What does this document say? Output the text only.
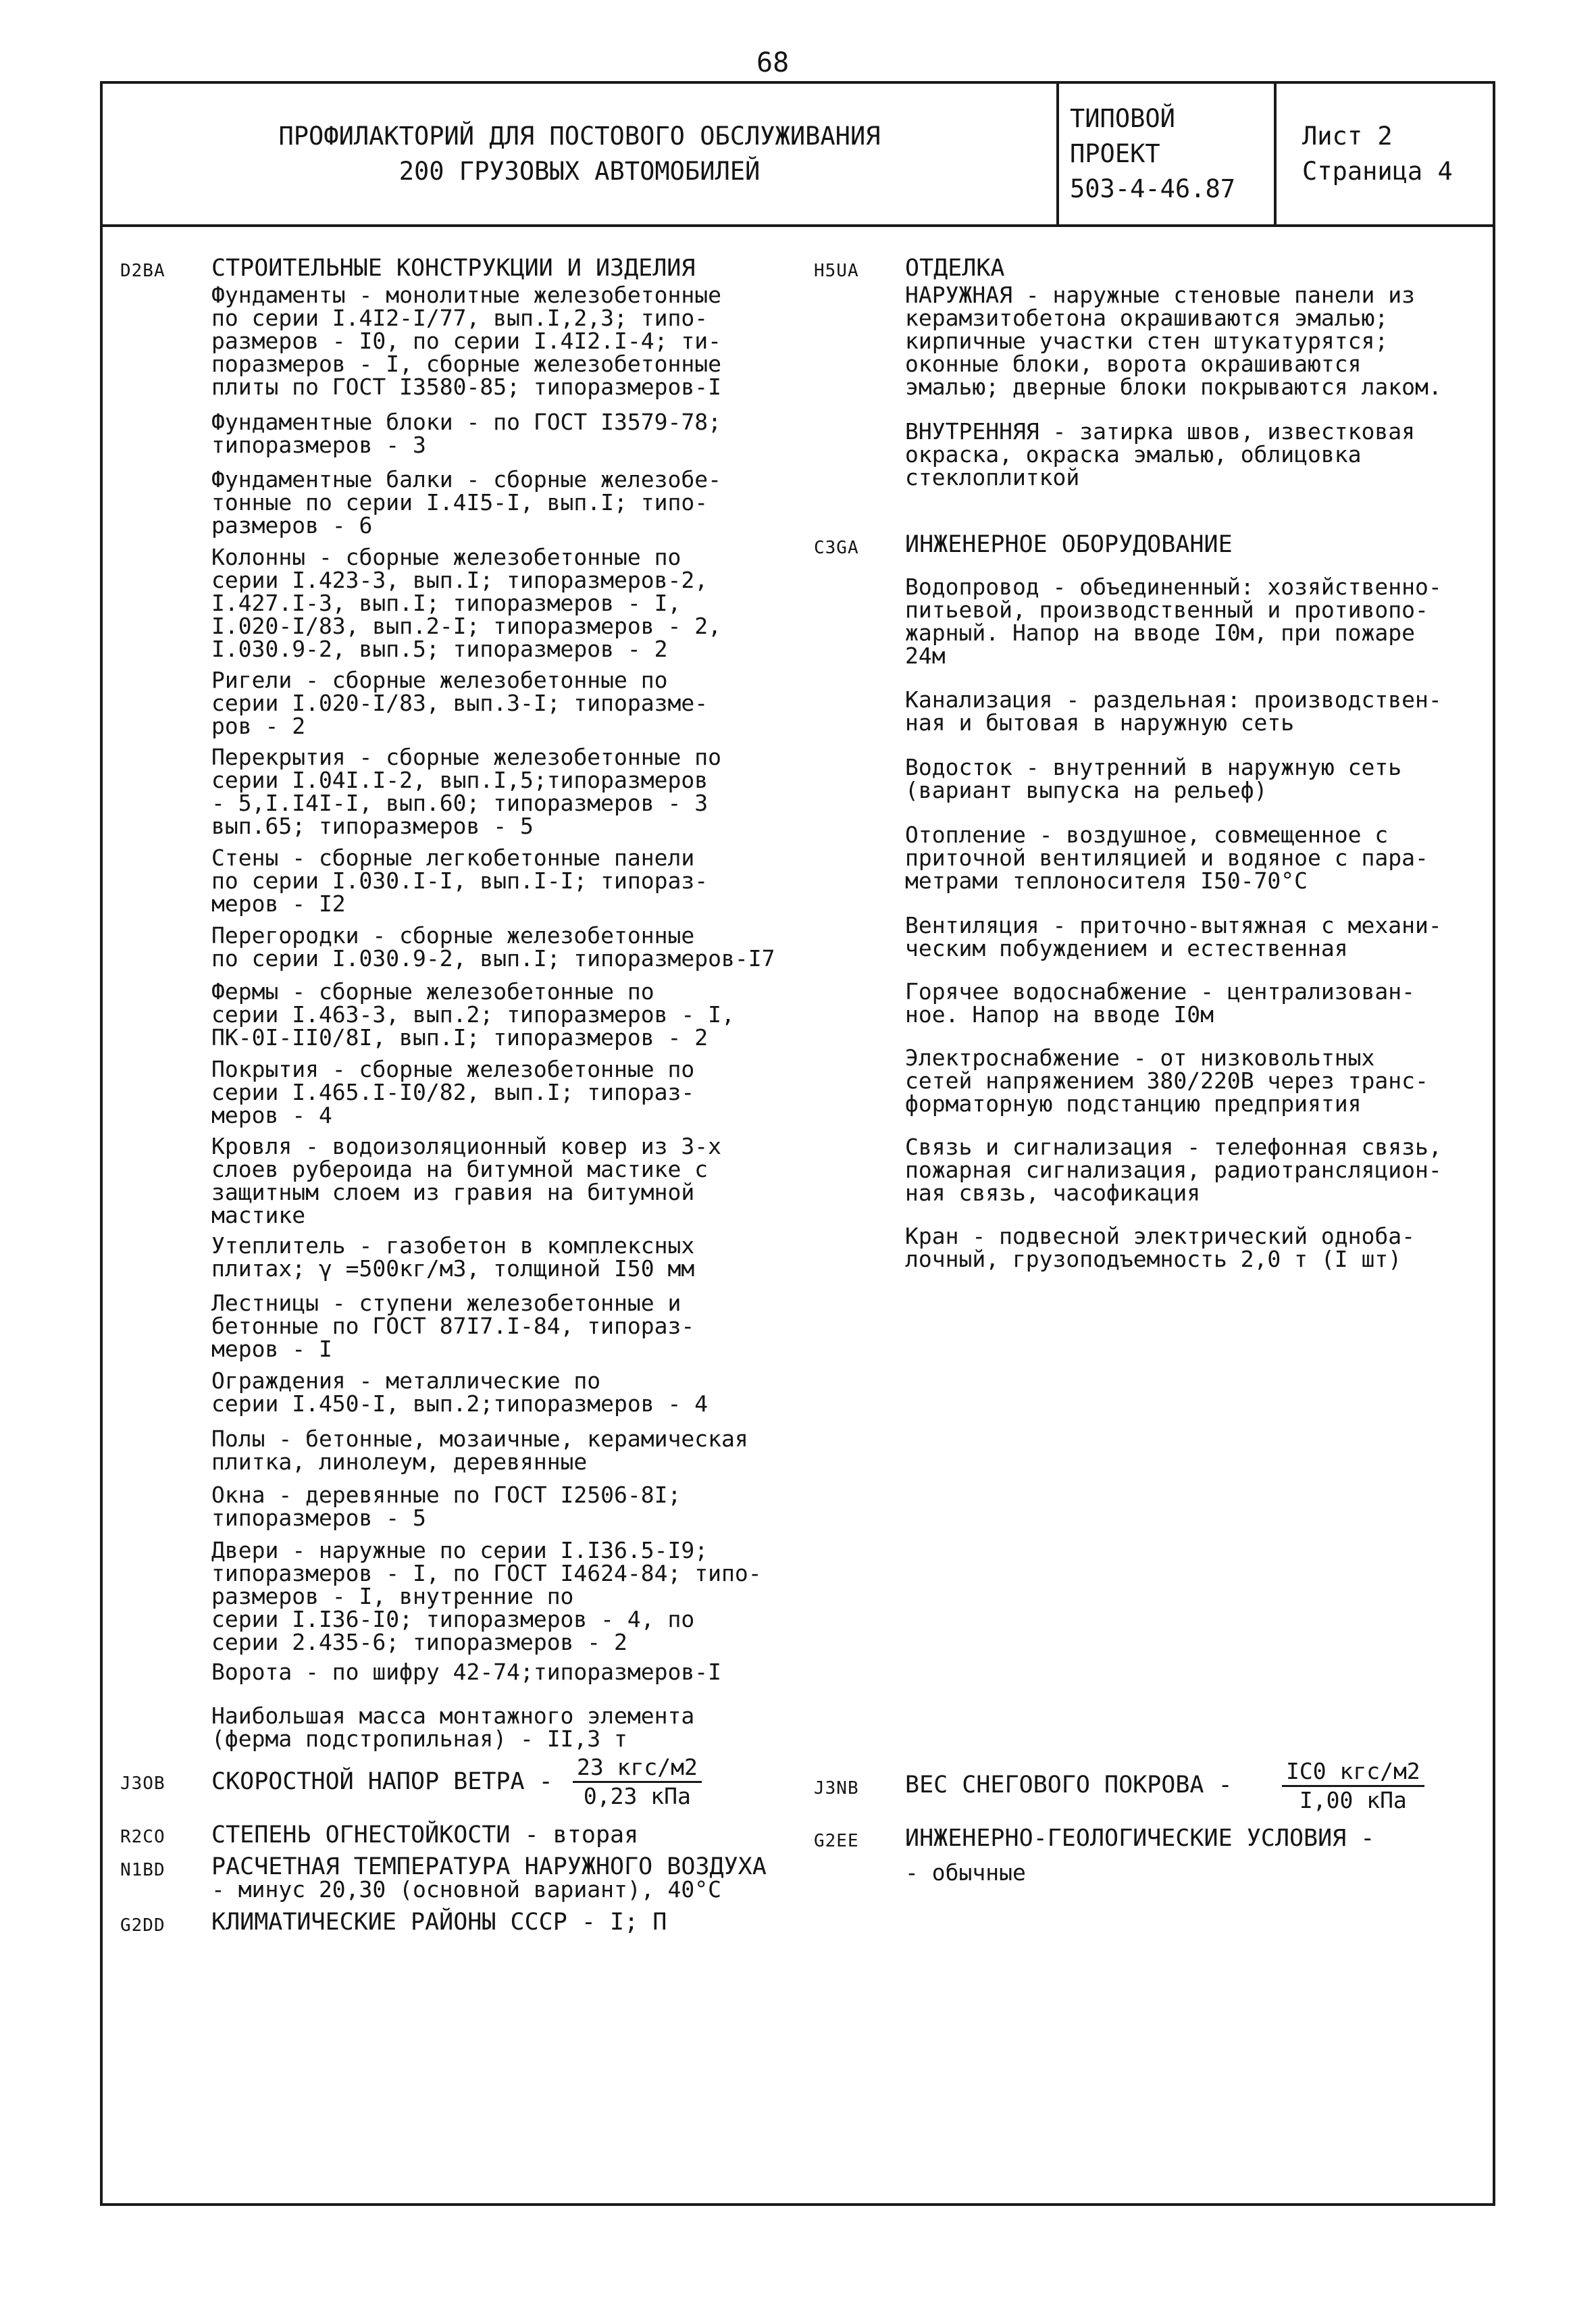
68
ПРОФИЛАКТОРИЙ ДЛЯ ПОСТОВОГО ОБСЛУЖИВАНИЯ
200 ГРУЗОВЫХ АВТОМОБИЛЕЙ
ТИПОВОЙ ПРОЕКТ
503-4-46.87
Лист 2
Страница 4
D2BA СТРОИТЕЛЬНЫЕ КОНСТРУКЦИИ И ИЗДЕЛИЯ
Фундаменты - монолитные железобетонные
по серии I.4I2-I/77, вып.I,2,3; типо-
размеров - I0, по серии I.4I2.I-4; ти-
поразмеров - I, сборные железобетонные
плиты по ГОСТ I3580-85; типоразмеров-I
Фундаментные блоки - по ГОСТ I3579-78;
типоразмеров - 3
Фундаментные балки - сборные железобе-
тонные по серии I.4I5-I, вып.I; типо-
размеров - 6
Колонны - сборные железобетонные по
серии I.423-3, вып.I; типоразмеров-2,
I.427.I-3, вып.I; типоразмеров - I,
I.020-I/83, вып.2-I; типоразмеров - 2,
I.030.9-2, вып.5; типоразмеров - 2
Ригели - сборные железобетонные по
серии I.020-I/83, вып.3-I; типоразме-
ров - 2
Перекрытия - сборные железобетонные по
серии I.04I.I-2, вып.I,5;типоразмеров
- 5,I.I4I-I, вып.60; типоразмеров - 3
вып.65; типоразмеров - 5
Стены - сборные легкобетонные панели
по серии I.030.I-I, вып.I-I; типораз-
меров - I2
Перегородки - сборные железобетонные
по серии I.030.9-2, вып.I; типоразмеров-I7
Фермы - сборные железобетонные по
серии I.463-3, вып.2; типоразмеров - I,
ПК-0I-II0/8I, вып.I; типоразмеров - 2
Покрытия - сборные железобетонные по
серии I.465.I-I0/82, вып.I; типораз-
меров - 4
Кровля - водоизоляционный ковер из 3-х
слоев рубероида на битумной мастике с
защитным слоем из гравия на битумной
мастике
Утеплитель - газобетон в комплексных
плитах; γ =500кг/м3, толщиной I50 мм
Лестницы - ступени железобетонные и
бетонные по ГОСТ 87I7.I-84, типораз-
меров - I
Ограждения - металлические по
серии I.450-I, вып.2;типоразмеров - 4
Полы - бетонные, мозаичные, керамическая
плитка, линолеум, деревянные
Окна - деревянные по ГОСТ I2506-8I;
типоразмеров - 5
Двери - наружные по серии I.I36.5-I9;
типоразмеров - I, по ГОСТ I4624-84; типо-
размеров - I, внутренние по
серии I.I36-I0; типоразмеров - 4, по
серии 2.435-6; типоразмеров - 2
Ворота - по шифру 42-74;типоразмеров-I
Наибольшая масса монтажного элемента
(ферма подстропильная) - II,3 т
H5UA ОТДЕЛКА
НАРУЖНАЯ - наружные стеновые панели из
керамзитобетона окрашиваются эмалью;
кирпичные участки стен штукатурятся;
оконные блоки, ворота окрашиваются
эмалью; дверные блоки покрываются лаком.
ВНУТРЕННЯЯ - затирка швов, известковая
окраска, окраска эмалью, облицовка
стеклоплиткой
C3GA ИНЖЕНЕРНОЕ ОБОРУДОВАНИЕ
Водопровод - объединенный: хозяйственно-
питьевой, производственный и противопо-
жарный. Напор на вводе I0м, при пожаре
24м
Канализация - раздельная: производствен-
ная и бытовая в наружную сеть
Водосток - внутренний в наружную сеть
(вариант выпуска на рельеф)
Отопление - воздушное, совмещенное с
приточной вентиляцией и водяное с пара-
метрами теплоносителя I50-70°С
Вентиляция - приточно-вытяжная с механи-
ческим побуждением и естественная
Горячее водоснабжение - централизован-
ное. Напор на вводе I0м
Электроснабжение - от низковольтных
сетей напряжением 380/220В через транс-
форматорную подстанцию предприятия
Связь и сигнализация - телефонная связь,
пожарная сигнализация, радиотрансляцион-
ная связь, часофикация
Кран - подвесной электрический однобa-
лочный, грузоподъемность 2,0 т (I шт)
J3OB СКОРОСТНОЙ НАПОР ВЕТРА -
23 кгс/м2
0,23 кПа	J3NB ВЕС СНЕГОВОГО ПОКРОВА -
IC0 кгс/м2
I,00 кПа
R2CO СТЕПЕНЬ ОГНЕСТОЙКОСТИ - вторая	G2EE ИНЖЕНЕРНО-ГЕОЛОГИЧЕСКИЕ УСЛОВИЯ -
- обычные
N1BD РАСЧЕТНАЯ ТЕМПЕРАТУРА НАРУЖНОГО ВОЗДУХА
- минус 20,30 (основной вариант), 40°С
G2DD КЛИМАТИЧЕСКИЕ РАЙОНЫ СССР - I; П
